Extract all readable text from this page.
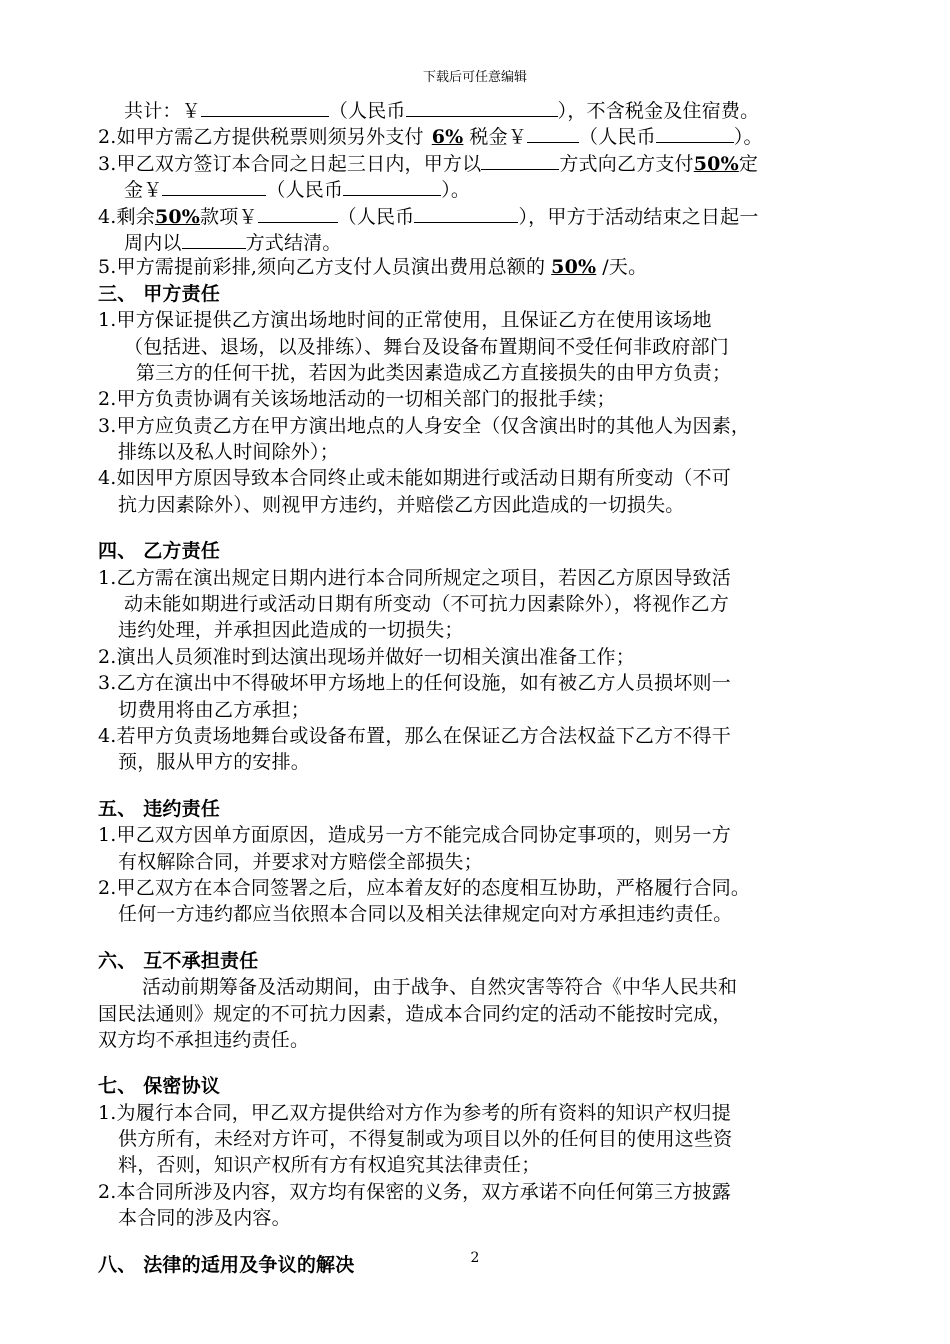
下载后可任意编辑
共计：￥	（人民币	），不含税金及住宿费。
2.如甲方需乙方提供税票则须另外支付 6% 税金￥	（人民币	）。
3.甲乙双方签订本合同之日起三日内，甲方以	方式向乙方支付50%定
金￥	（人民币	）。
4.剩余50%款项￥	（人民币	），甲方于活动结束之日起一
周内以	方式结清。
5.甲方需提前彩排,须向乙方支付人员演出费用总额的 50% /天。
三、 甲方责任
1.甲方保证提供乙方演出场地时间的正常使用，且保证乙方在使用该场地
（包括进、退场，以及排练）、舞台及设备布置期间不受任何非政府部门
第三方的任何干扰，若因为此类因素造成乙方直接损失的由甲方负责；
2.甲方负责协调有关该场地活动的一切相关部门的报批手续；
3.甲方应负责乙方在甲方演出地点的人身安全（仅含演出时的其他人为因素，
排练以及私人时间除外）；
4.如因甲方原因导致本合同终止或未能如期进行或活动日期有所变动（不可
抗力因素除外）、则视甲方违约，并赔偿乙方因此造成的一切损失。
四、 乙方责任
1.乙方需在演出规定日期内进行本合同所规定之项目，若因乙方原因导致活
动未能如期进行或活动日期有所变动（不可抗力因素除外），将视作乙方
违约处理，并承担因此造成的一切损失；
2.演出人员须准时到达演出现场并做好一切相关演出准备工作；
3.乙方在演出中不得破坏甲方场地上的任何设施，如有被乙方人员损坏则一
切费用将由乙方承担；
4.若甲方负责场地舞台或设备布置，那么在保证乙方合法权益下乙方不得干
预，服从甲方的安排。
五、 违约责任
1.甲乙双方因单方面原因，造成另一方不能完成合同协定事项的，则另一方
有权解除合同，并要求对方赔偿全部损失；
2.甲乙双方在本合同签署之后，应本着友好的态度相互协助，严格履行合同。
任何一方违约都应当依照本合同以及相关法律规定向对方承担违约责任。
六、 互不承担责任
活动前期筹备及活动期间，由于战争、自然灾害等符合《中华人民共和
国民法通则》规定的不可抗力因素，造成本合同约定的活动不能按时完成，
双方均不承担违约责任。
七、 保密协议
1.为履行本合同，甲乙双方提供给对方作为参考的所有资料的知识产权归提
供方所有，未经对方许可，不得复制或为项目以外的任何目的使用这些资
料，否则，知识产权所有方有权追究其法律责任；
2.本合同所涉及内容，双方均有保密的义务，双方承诺不向任何第三方披露
本合同的涉及内容。
八、 法律的适用及争议的解决	2
